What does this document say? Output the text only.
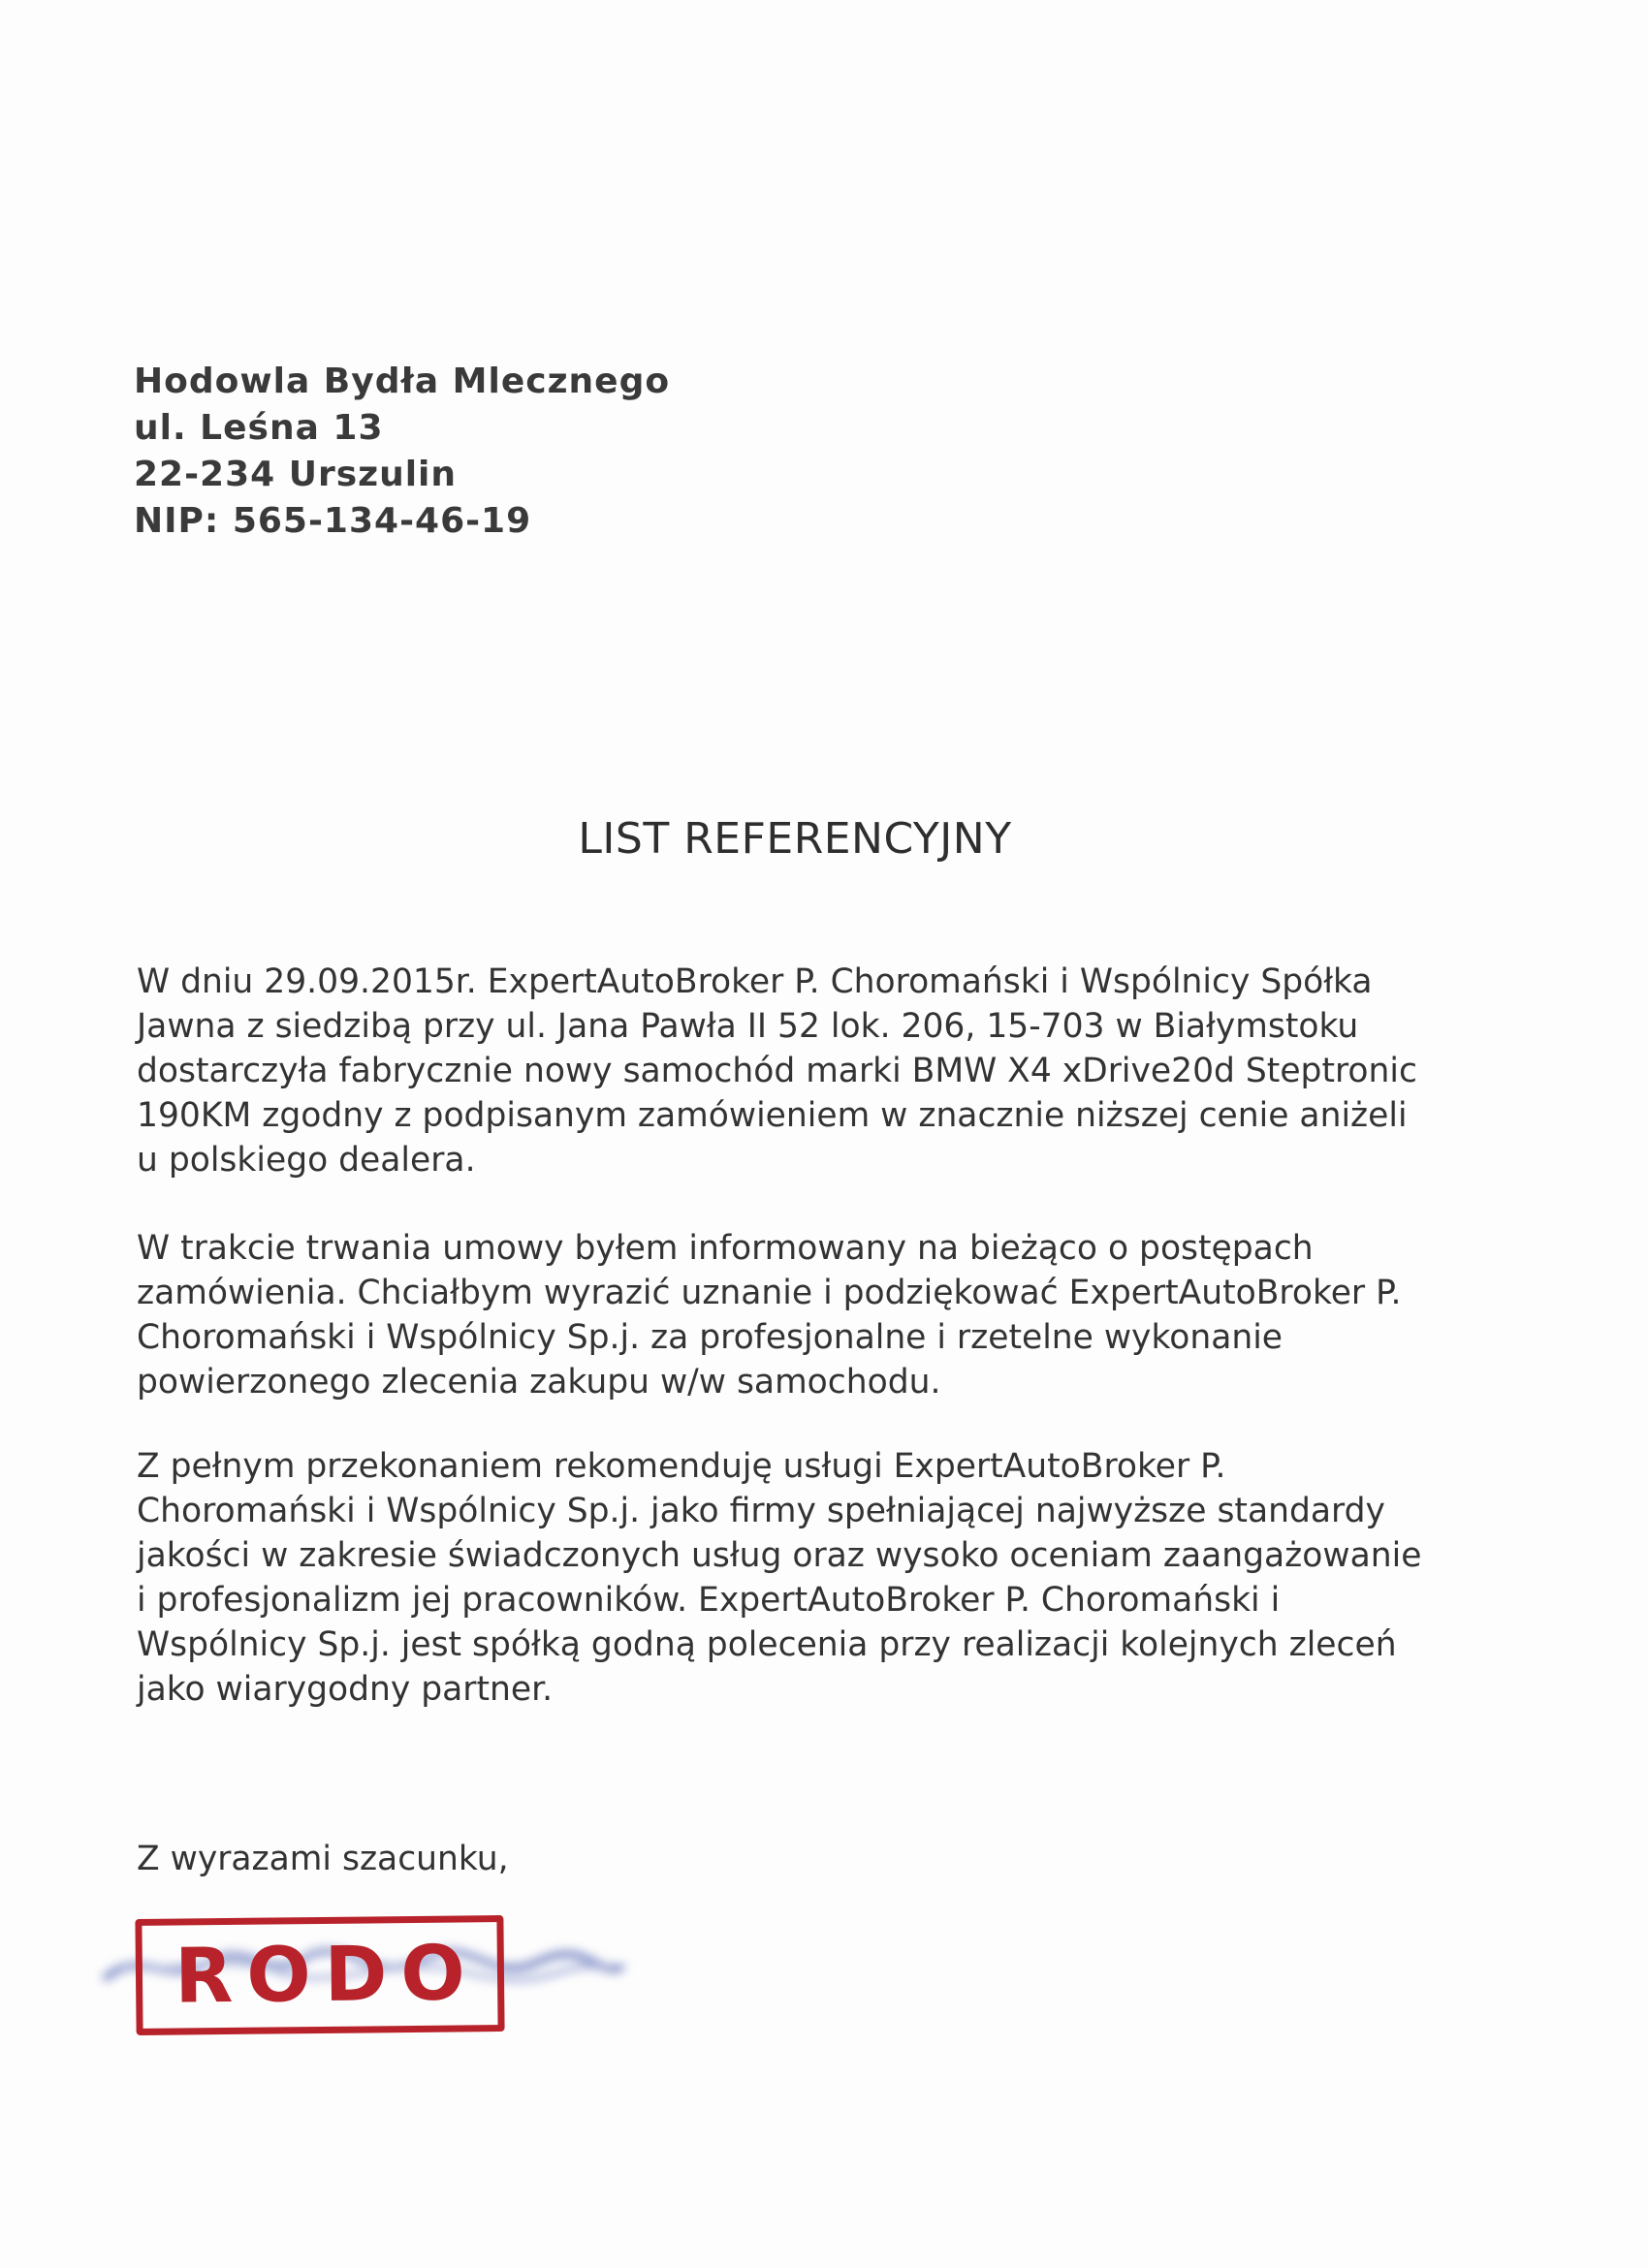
Hodowla Bydła Mlecznego
ul. Leśna 13
22-234 Urszulin
NIP: 565-134-46-19
LIST REFERENCYJNY
W dniu 29.09.2015r. ExpertAutoBroker P. Choromański i Wspólnicy Spółka
Jawna z siedzibą przy ul. Jana Pawła II 52 lok. 206, 15-703 w Białymstoku
dostarczyła fabrycznie nowy samochód marki BMW X4 xDrive20d Steptronic
190KM zgodny z podpisanym zamówieniem w znacznie niższej cenie aniżeli
u polskiego dealera.
W trakcie trwania umowy byłem informowany na bieżąco o postępach
zamówienia. Chciałbym wyrazić uznanie i podziękować ExpertAutoBroker P.
Choromański i Wspólnicy Sp.j. za profesjonalne i rzetelne wykonanie
powierzonego zlecenia zakupu w/w samochodu.
Z pełnym przekonaniem rekomenduję usługi ExpertAutoBroker P.
Choromański i Wspólnicy Sp.j. jako firmy spełniającej najwyższe standardy
jakości w zakresie świadczonych usług oraz wysoko oceniam zaangażowanie
i profesjonalizm jej pracowników. ExpertAutoBroker P. Choromański i
Wspólnicy Sp.j. jest spółką godną polecenia przy realizacji kolejnych zleceń
jako wiarygodny partner.
Z wyrazami szacunku,
RODO
